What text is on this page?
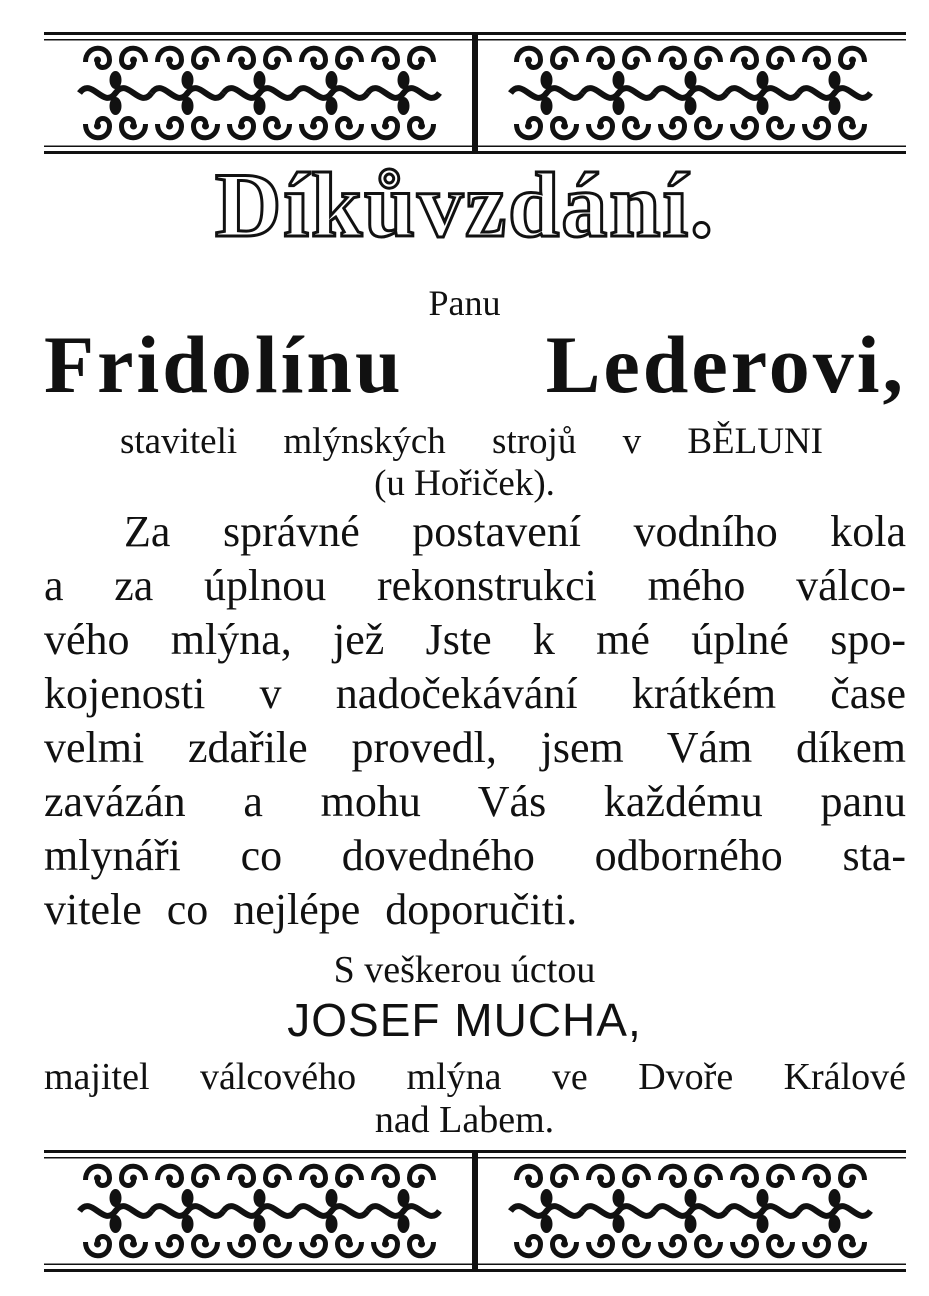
Díkůvzdání.
Panu
Fridolínu Lederovi,
staviteli mlýnských strojů v BĚLUNI
(u Hořiček).
Za správné postavení vodního kola
a za úplnou rekonstrukci mého válco-
vého mlýna, jež Jste k mé úplné spo-
kojenosti v nadočekávání krátkém čase
velmi zdařile provedl, jsem Vám díkem
zavázán a mohu Vás každému panu
mlynáři co dovedného odborného sta-
vitele co nejlépe doporučiti.
S veškerou úctou
JOSEF MUCHA,
majitel válcového mlýna ve Dvoře Králové
nad Labem.
